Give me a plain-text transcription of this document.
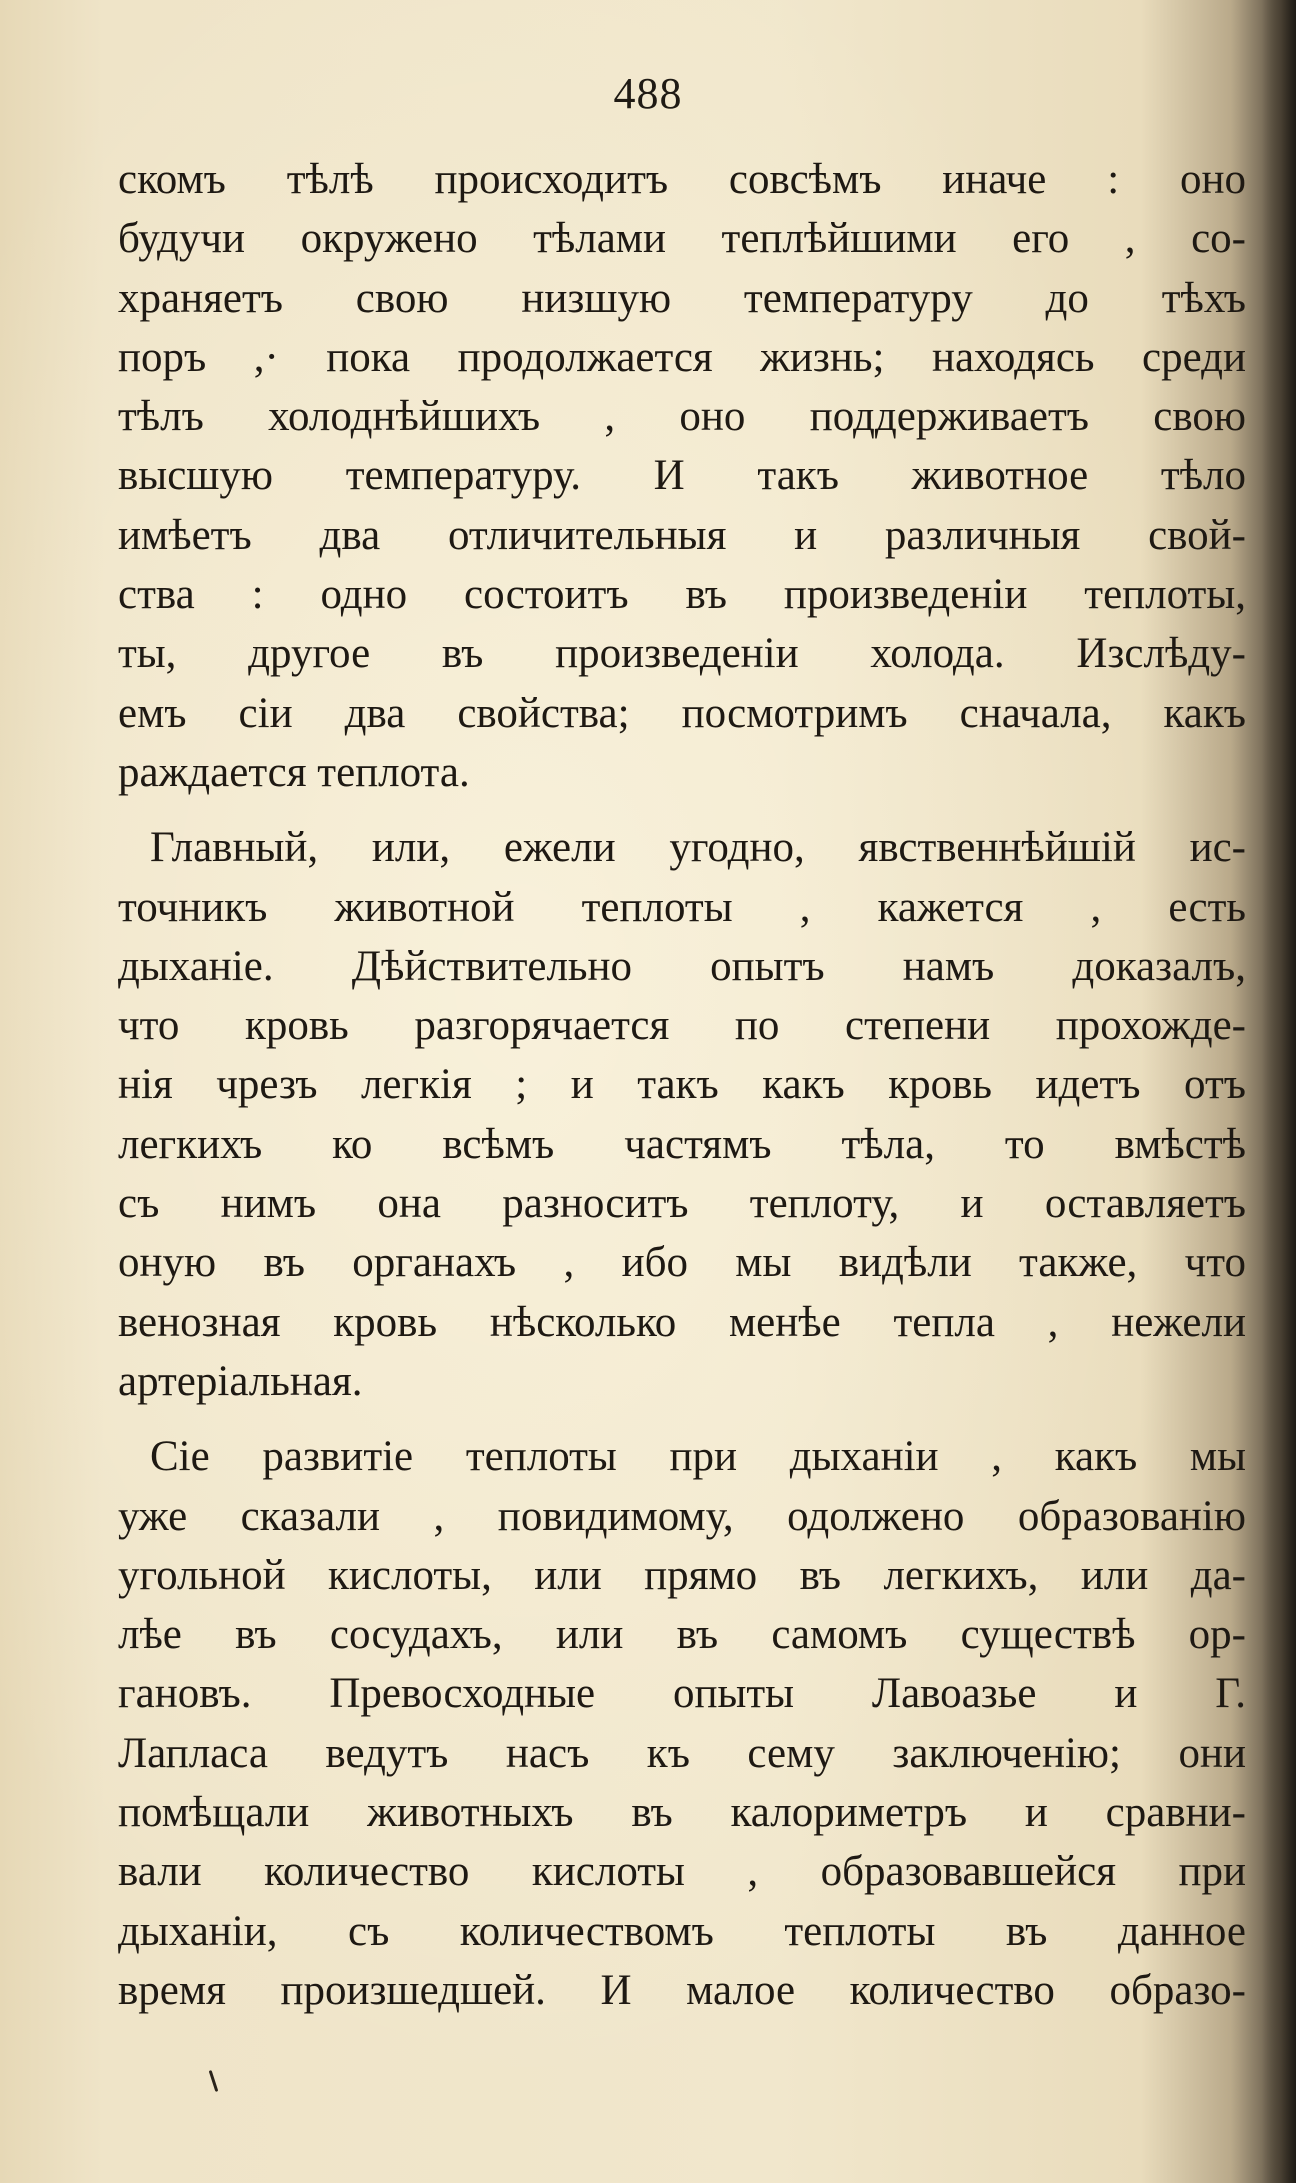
488

скомъ тѣлѣ происходитъ совсѣмъ иначе : оно
будучи окружено тѣлами теплѣйшими его , со-
храняетъ свою низшую температуру до тѣхъ
поръ ,· пока продолжается жизнь; находясь среди
тѣлъ холоднѣйшихъ , оно поддерживаетъ свою
высшую температуру. И такъ животное тѣло
имѣетъ два отличительныя и различныя свой-
ства : одно состоитъ въ произведенiи теплоты,
ты, другое въ произведенiи холода. Изслѣду-
емъ сiи два свойства; посмотримъ сначала, какъ
раждается теплота.
Главный, или, ежели угодно, явственнѣйшiй ис-
точникъ животной теплоты , кажется , есть
дыханiе. Дѣйствительно опытъ намъ доказалъ,
что кровь разгорячается по степени прохожде-
нiя чрезъ легкiя ; и такъ какъ кровь идетъ отъ
легкихъ ко всѣмъ частямъ тѣла, то вмѣстѣ
съ нимъ она разноситъ теплоту, и оставляетъ
оную въ органахъ , ибо мы видѣли также, что
венозная кровь нѣсколько менѣе тепла , нежели
артерiальная.
Сiе развитiе теплоты при дыханiи , какъ мы
уже сказали , повидимому, одолжено образованiю
угольной кислоты, или прямо въ легкихъ, или да-
лѣе въ сосудахъ, или въ самомъ существѣ ор-
гановъ. Превосходные опыты Лавоазье и Г.
Лапласа ведутъ насъ къ сему заключенiю; они
помѣщали животныхъ въ калориметръ и сравни-
вали количество кислоты , образовавшейся при
дыханiи, съ количествомъ теплоты въ данное
время произшедшей. И малое количество образо-
